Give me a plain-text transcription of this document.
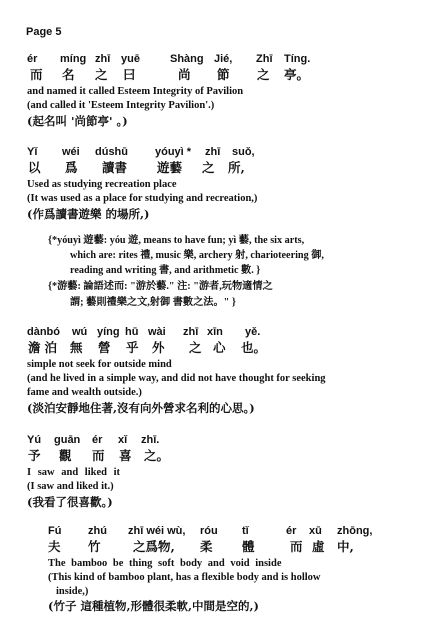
Page 5
ér míng zhī yuē	Shàng Jié, Zhī Tíng.
而 名 之 曰	尚 節 之 亭。
and named it called Esteem Integrity of Pavilion
(and called it 'Esteem Integrity Pavilion'.)
(起名叫 '尚節亭' 。)
Yǐ wéi dúshū yóuyì * zhī suǒ,
以 爲 讀書 遊藝 之 所,
Used as studying recreation place
(It was used as a place for studying and recreation,)
(作爲讀書遊樂 的場所,)
{*yóuyì 遊藝: yóu 遊, means to have fun; yì 藝, the six arts,
which are: rites 禮, music 樂, archery 射, charioteering 御,
reading and writing 書, and arithmetic 數. }
{*游藝: 論語述而: "游於藝." 注: "游者,玩物適情之
謂; 藝則禮樂之文,射御 書數之法。" }
dànbó wú yíng hū wài zhī xīn yě.
澹泊 無 營 乎 外 之 心 也。
simple not seek for outside mind
(and he lived in a simple way, and did not have thought for seeking
fame and wealth outside.)
(淡泊安靜地住著,沒有向外營求名利的心思。)
Yú guān ér xǐ zhī.
予 觀 而 喜 之。
I saw and liked it
(I saw and liked it.)
(我看了很喜歡。)
Fú zhú zhī wéi wù, róu tǐ	ér xū zhōng,
夫 竹	之爲物, 柔 體	而 虛 中,
The bamboo be thing soft body and void inside
(This kind of bamboo plant, has a flexible body and is hollow
inside,)
(竹子 這種植物,形體很柔軟,中間是空的,)
